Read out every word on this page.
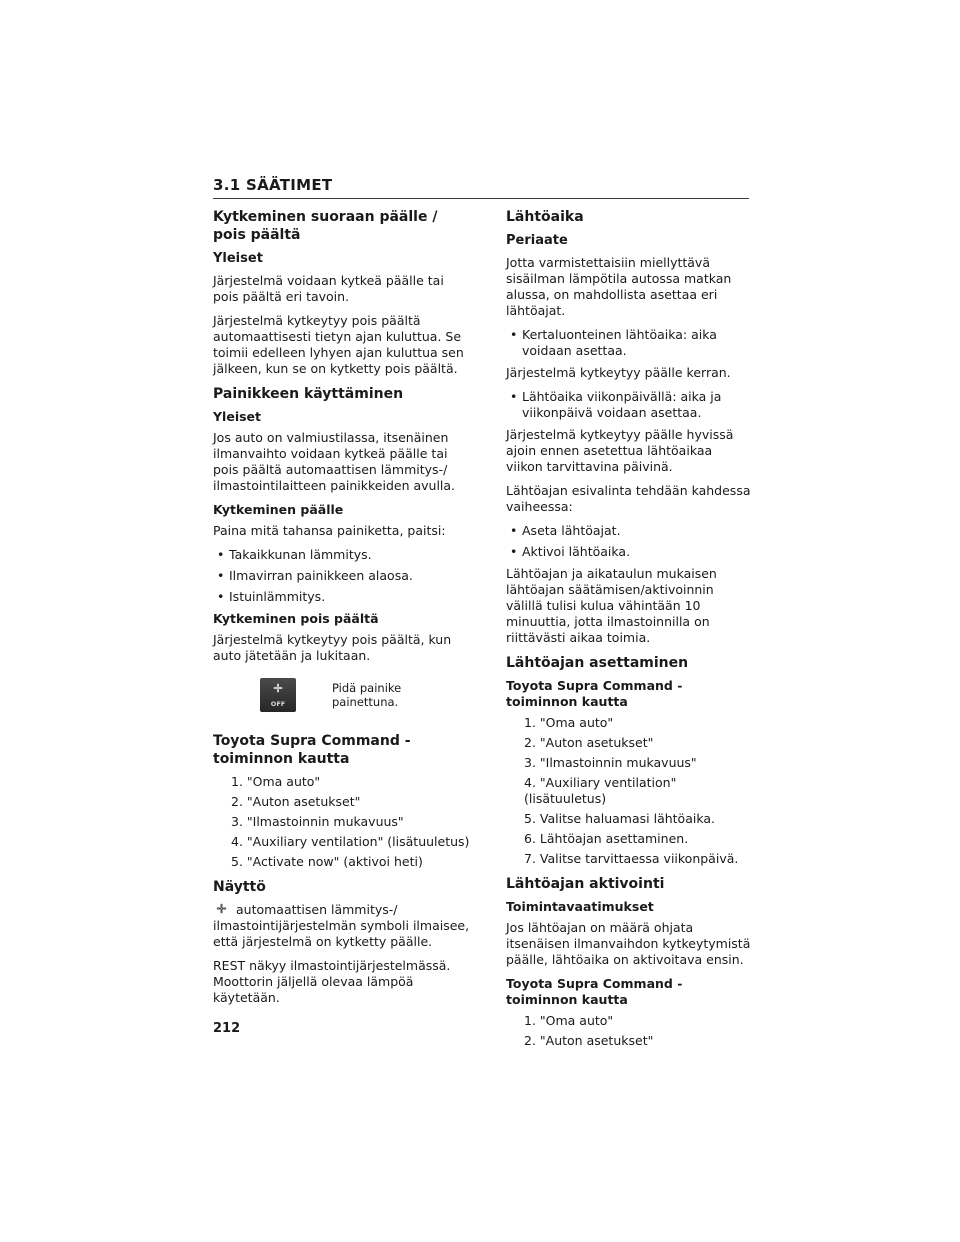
3.1 SÄÄTIMET
Kytkeminen suoraan päälle / pois päältä
Yleiset

Järjestelmä voidaan kytkeä päälle tai pois päältä eri tavoin.

Järjestelmä kytkeytyy pois päältä automaattisesti tietyn ajan kuluttua. Se toimii edelleen lyhyen ajan kuluttua sen jälkeen, kun se on kytketty pois päältä.

Painikkeen käyttäminen
Yleiset

Jos auto on valmiustilassa, itsenäinen ilmanvaihto voidaan kytkeä päälle tai pois päältä automaattisen lämmitys-/ ilmastointilaitteen painikkeiden avulla.

Kytkeminen päälle

Paina mitä tahansa painiketta, paitsi:

• Takaikkunan lämmitys.
• Ilmavirran painikkeen alaosa.
• Istuinlämmitys.
Kytkeminen pois päältä

Järjestelmä kytkeytyy pois päältä, kun auto jätetään ja lukitaan.

OFF
Pidä painike painettuna.
Toyota Supra Command -toiminnon kautta
1. "Oma auto"
2. "Auton asetukset"
3. "Ilmastoinnin mukavuus"
4. "Auxiliary ventilation" (lisätuuletus)
5. "Activate now" (aktivoi heti)
Näyttö

automaattisen lämmitys-/ ilmastointijärjestelmän symboli ilmaisee, että järjestelmä on kytketty päälle.

REST näkyy ilmastointijärjestelmässä. Moottorin jäljellä olevaa lämpöä käytetään.

Lähtöaika
Periaate

Jotta varmistettaisiin miellyttävä sisäilman lämpötila autossa matkan alussa, on mahdollista asettaa eri lähtöajat.

• Kertaluonteinen lähtöaika: aika voidaan asettaa.

Järjestelmä kytkeytyy päälle kerran.

• Lähtöaika viikonpäivällä: aika ja viikonpäivä voidaan asettaa.

Järjestelmä kytkeytyy päälle hyvissä ajoin ennen asetettua lähtöaikaa viikon tarvittavina päivinä.

Lähtöajan esivalinta tehdään kahdessa vaiheessa:

• Aseta lähtöajat.
• Aktivoi lähtöaika.

Lähtöajan ja aikataulun mukaisen lähtöajan säätämisen/aktivoinnin välillä tulisi kulua vähintään 10 minuuttia, jotta ilmastoinnilla on riittävästi aikaa toimia.

Lähtöajan asettaminen
Toyota Supra Command -toiminnon kautta
1. "Oma auto"
2. "Auton asetukset"
3. "Ilmastoinnin mukavuus"
4. "Auxiliary ventilation" (lisätuuletus)
5. Valitse haluamasi lähtöaika.
6. Lähtöajan asettaminen.
7. Valitse tarvittaessa viikonpäivä.
Lähtöajan aktivointi
Toimintavaatimukset

Jos lähtöajan on määrä ohjata itsenäisen ilmanvaihdon kytkeytymistä päälle, lähtöaika on aktivoitava ensin.

Toyota Supra Command -toiminnon kautta
1. "Oma auto"
2. "Auton asetukset"
212
